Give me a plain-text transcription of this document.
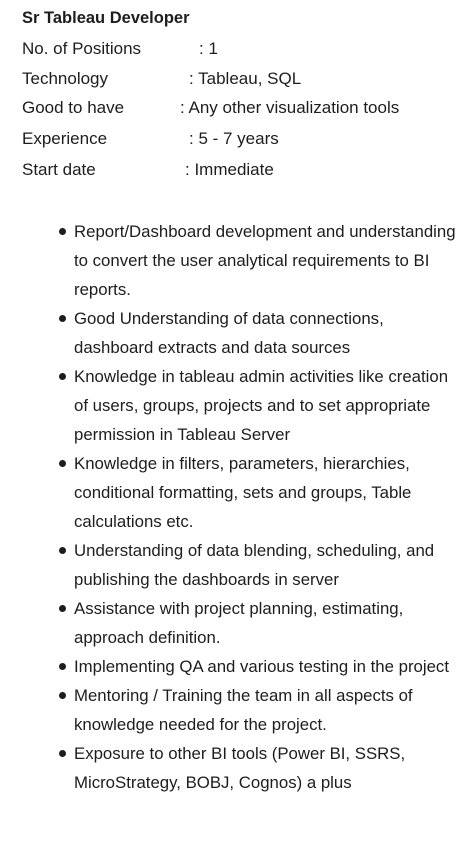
Sr Tableau Developer
No. of Positions	: 1
Technology	: Tableau, SQL
Good to have	: Any other visualization tools
Experience	: 5 - 7 years
Start date	: Immediate
Report/Dashboard development and understanding to convert the user analytical requirements to BI reports.
Good Understanding of data connections, dashboard extracts and data sources
Knowledge in tableau admin activities like creation of users, groups, projects and to set appropriate permission in Tableau Server
Knowledge in filters, parameters, hierarchies, conditional formatting, sets and groups, Table calculations etc.
Understanding of data blending, scheduling, and publishing the dashboards in server
Assistance with project planning, estimating, approach definition.
Implementing QA and various testing in the project
Mentoring / Training the team in all aspects of knowledge needed for the project.
Exposure to other BI tools (Power BI, SSRS, MicroStrategy, BOBJ, Cognos) a plus
